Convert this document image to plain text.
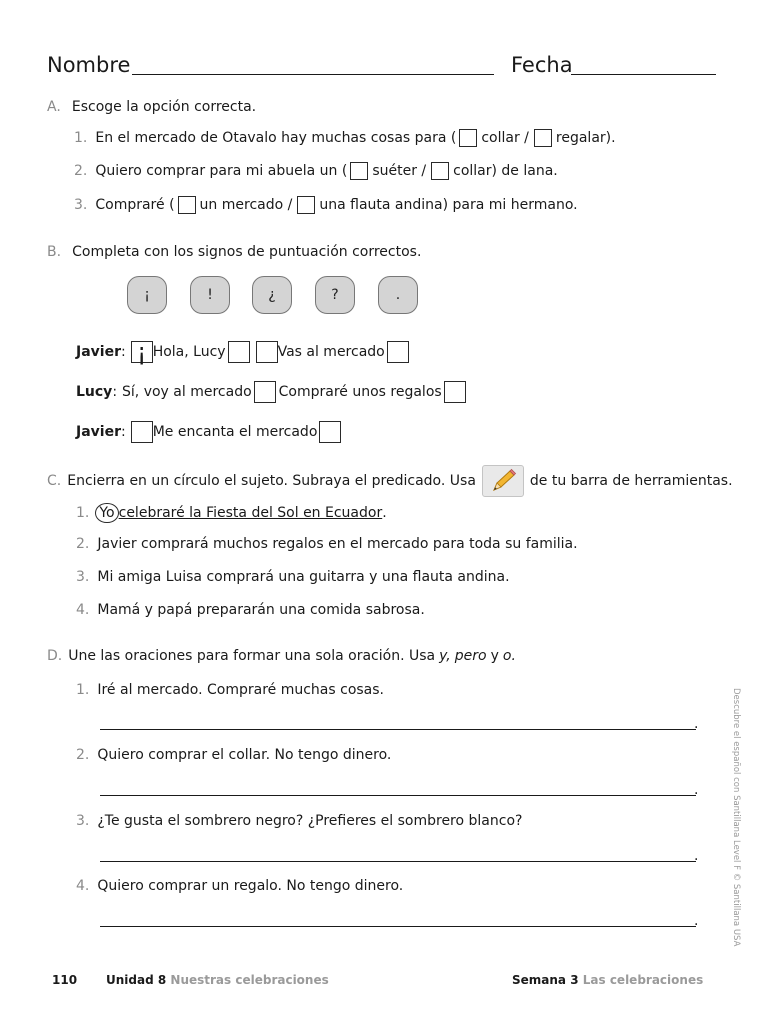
Nombre	Fecha
A. Escoge la opción correcta.
1. En el mercado de Otavalo hay muchas cosas para ( collar / regalar).
2. Quiero comprar para mi abuela un ( suéter / collar) de lana.
3. Compraré ( un mercado / una flauta andina) para mi hermano.
B. Completa con los signos de puntuación correctos.
¡	!	¿	?	.
Javier : ¡ Hola, Lucy	Vas al mercado
Lucy : Sí, voy al mercado Compraré unos regalos
Javier : Me encanta el mercado
C. Encierra en un círculo el sujeto. Subraya el predicado. Usa	de tu barra de herramientas.
1. Yo celebraré la Fiesta del Sol en Ecuador .
2. Javier comprará muchos regalos en el mercado para toda su familia.
3. Mi amiga Luisa comprará una guitarra y una flauta andina.
4. Mamá y papá prepararán una comida sabrosa.
D. Une las oraciones para formar una sola oración. Usa y, pero y o.
1. Iré al mercado. Compraré muchas cosas.
.
2. Quiero comprar el collar. No tengo dinero.
.
3. ¿Te gusta el sombrero negro? ¿Prefieres el sombrero blanco?
.
4. Quiero comprar un regalo. No tengo dinero.
.	Descubre el español con Santillana Level F © Santillana USA
110 Unidad 8 Nuestras celebraciones	Semana 3 Las celebraciones
